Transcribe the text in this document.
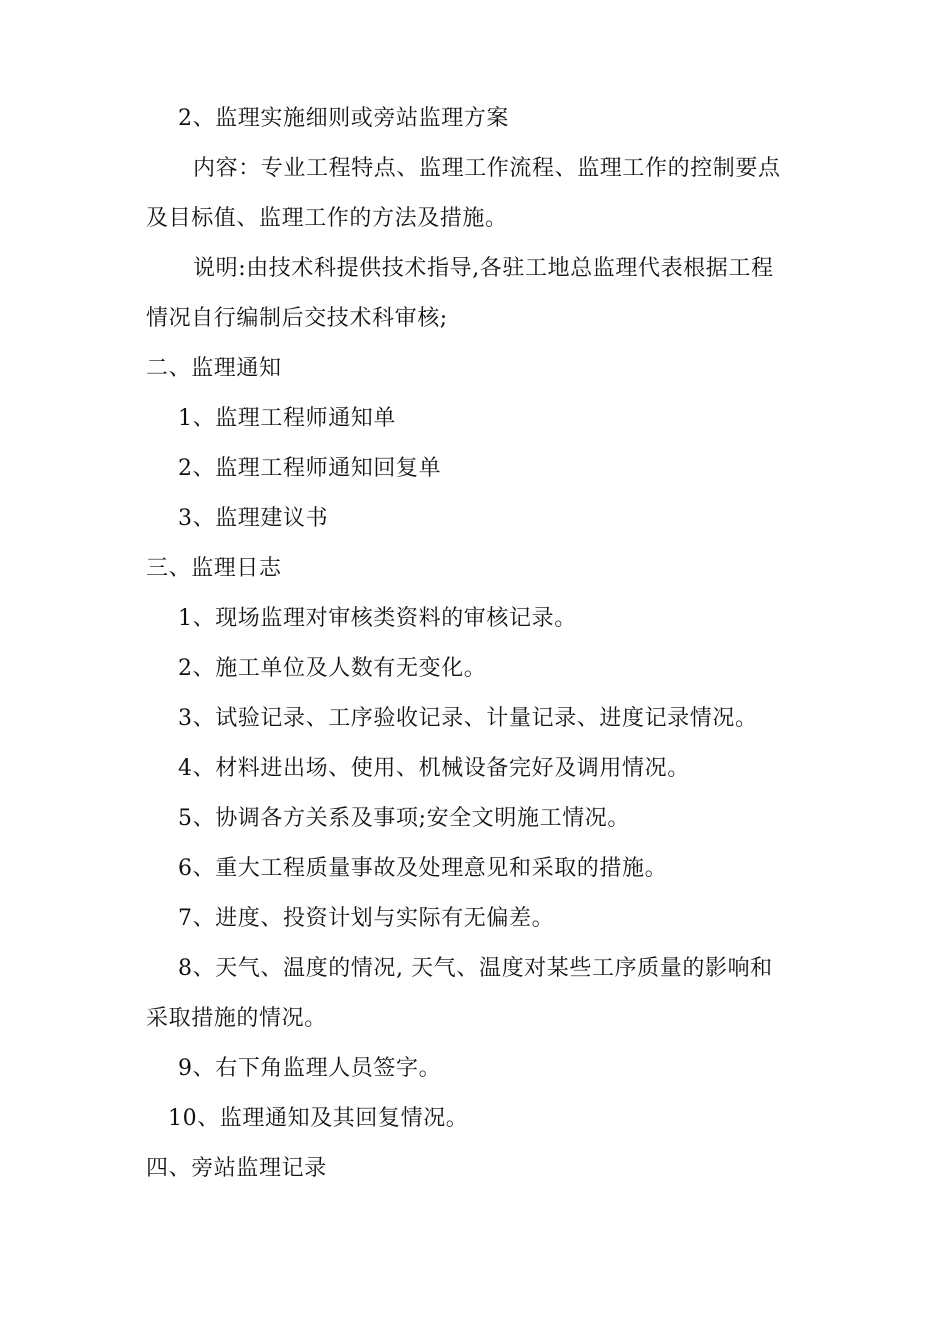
2、监理实施细则或旁站监理方案
内容：专业工程特点、监理工作流程、监理工作的控制要点
及目标值、监理工作的方法及措施。
说明:由技术科提供技术指导,各驻工地总监理代表根据工程
情况自行编制后交技术科审核;
二、监理通知
1、监理工程师通知单
2、监理工程师通知回复单
3、监理建议书
三、监理日志
1、现场监理对审核类资料的审核记录。
2、施工单位及人数有无变化。
3、试验记录、工序验收记录、计量记录、进度记录情况。
4、材料进出场、使用、机械设备完好及调用情况。
5、协调各方关系及事项;安全文明施工情况。
6、重大工程质量事故及处理意见和采取的措施。
7、进度、投资计划与实际有无偏差。
8、天气、温度的情况, 天气、温度对某些工序质量的影响和
采取措施的情况。
9、右下角监理人员签字。
10、监理通知及其回复情况。
四、旁站监理记录
